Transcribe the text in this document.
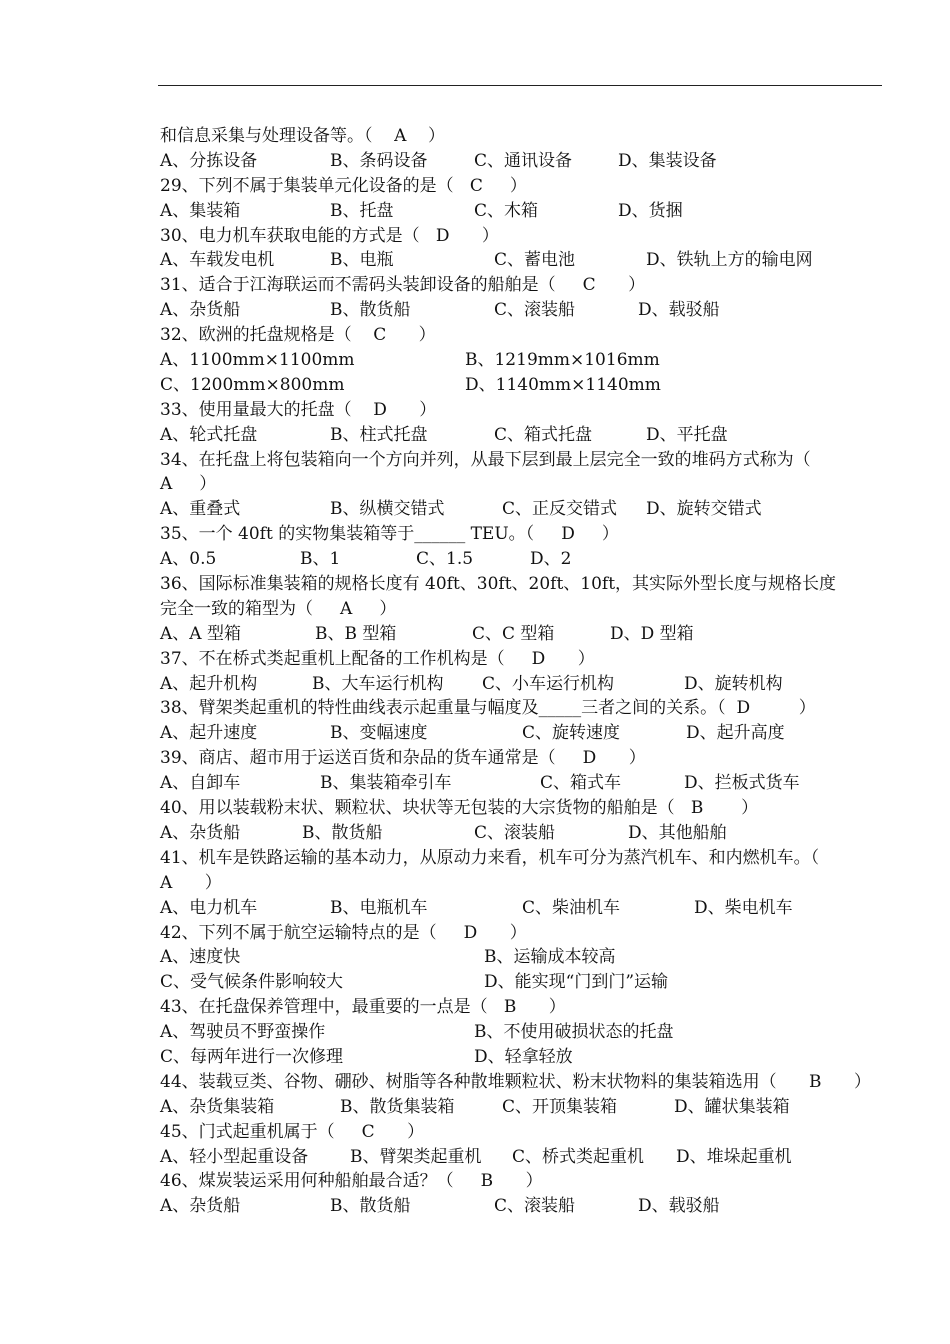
和信息采集与处理设备等。（    A    ）
A、分拣设备	B、条码设备	C、通讯设备	D、集装设备
29、下列不属于集装单元化设备的是（   C     ）
A、集装箱	B、托盘	C、木箱	D、货捆
30、电力机车获取电能的方式是（   D      ）
A、车载发电机	B、电瓶	C、蓄电池	D、铁轨上方的输电网
31、适合于江海联运而不需码头装卸设备的船舶是（     C      ）
A、杂货船	B、散货船	C、滚装船	D、载驳船
32、欧洲的托盘规格是（    C      ）
A、1100mm×1100mm	B、1219mm×1016mm
C、1200mm×800mm	D、1140mm×1140mm
33、使用量最大的托盘（    D      ）
A、轮式托盘	B、柱式托盘	C、箱式托盘	D、平托盘
34、在托盘上将包装箱向一个方向并列，从最下层到最上层完全一致的堆码方式称为（
A     ）
A、重叠式	B、纵横交错式	C、正反交错式 D、旋转交错式
35、一个 40ft 的实物集装箱等于______ TEU。（     D     ）
A、0.5	B、1	C、1.5	D、2
36、国际标准集装箱的规格长度有 40ft、30ft、20ft、10ft，其实际外型长度与规格长度
完全一致的箱型为（     A     ）
A、A 型箱	B、B 型箱	C、C 型箱	D、D 型箱
37、不在桥式类起重机上配备的工作机构是（     D      ）
A、起升机构	B、大车运行机构 C、小车运行机构	D、旋转机构
38、臂架类起重机的特性曲线表示起重量与幅度及_____三者之间的关系。（  D         ）
A、起升速度	B、变幅速度	C、旋转速度	D、起升高度
39、商店、超市用于运送百货和杂品的货车通常是（     D      ）
A、自卸车	B、集装箱牵引车	C、箱式车	D、拦板式货车
40、用以装载粉末状、颗粒状、块状等无包装的大宗货物的船舶是（   B       ）
A、杂货船	B、散货船	C、滚装船	D、其他船舶
41、机车是铁路运输的基本动力，从原动力来看，机车可分为蒸汽机车、和内燃机车。（
A      ）
A、电力机车	B、电瓶机车	C、柴油机车	D、柴电机车
42、下列不属于航空运输特点的是（     D      ）
A、速度快	B、运输成本较高
C、受气候条件影响较大	D、能实现“门到门”运输
43、在托盘保养管理中，最重要的一点是（   B      ）
A、驾驶员不野蛮操作	B、不使用破损状态的托盘
C、每两年进行一次修理	D、轻拿轻放
44、装载豆类、谷物、硼砂、树脂等各种散堆颗粒状、粉末状物料的集装箱选用（      B      ）
A、杂货集装箱	B、散货集装箱	C、开顶集装箱	D、罐状集装箱
45、门式起重机属于（     C      ）
A、轻小型起重设备 B、臂架类起重机 C、桥式类起重机 D、堆垛起重机
46、煤炭装运采用何种船舶最合适？（     B      ）
A、杂货船	B、散货船	C、滚装船	D、载驳船
